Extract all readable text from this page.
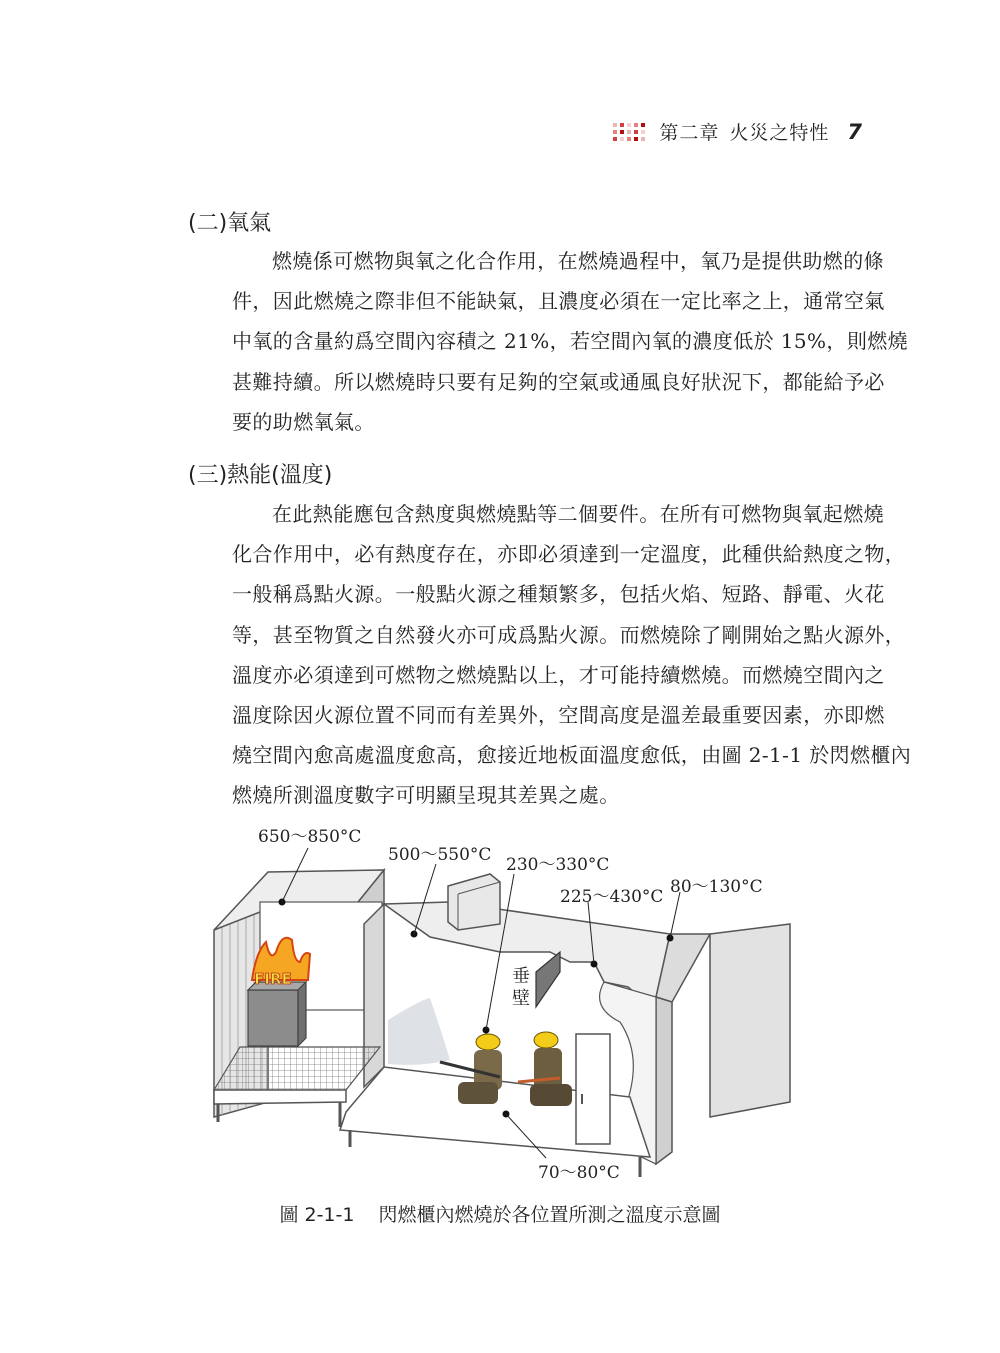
第二章 火災之特性 7
(二)氧氣

燃燒係可燃物與氧之化合作用，在燃燒過程中，氧乃是提供助燃的條
件，因此燃燒之際非但不能缺氣，且濃度必須在一定比率之上，通常空氣
中氧的含量約爲空間內容積之 21%，若空間內氧的濃度低於 15%，則燃燒
甚難持續。所以燃燒時只要有足夠的空氣或通風良好狀況下，都能給予必
要的助燃氧氣。

(三)熱能(溫度)

在此熱能應包含熱度與燃燒點等二個要件。在所有可燃物與氧起燃燒
化合作用中，必有熱度存在，亦即必須達到一定溫度，此種供給熱度之物，
一般稱爲點火源。一般點火源之種類繁多，包括火焰、短路、靜電、火花
等，甚至物質之自然發火亦可成爲點火源。而燃燒除了剛開始之點火源外，
溫度亦必須達到可燃物之燃燒點以上，才可能持續燃燒。而燃燒空間內之
溫度除因火源位置不同而有差異外，空間高度是溫差最重要因素，亦即燃
燒空間內愈高處溫度愈高，愈接近地板面溫度愈低，由圖 2-1-1 於閃燃櫃內
燃燒所測溫度數字可明顯呈現其差異之處。

FIRE
650～850°C
500～550°C 230～330°C
225～430°C 80～130°C
70～80°C
垂
壁
圖 2-1-1 閃燃櫃內燃燒於各位置所測之溫度示意圖
